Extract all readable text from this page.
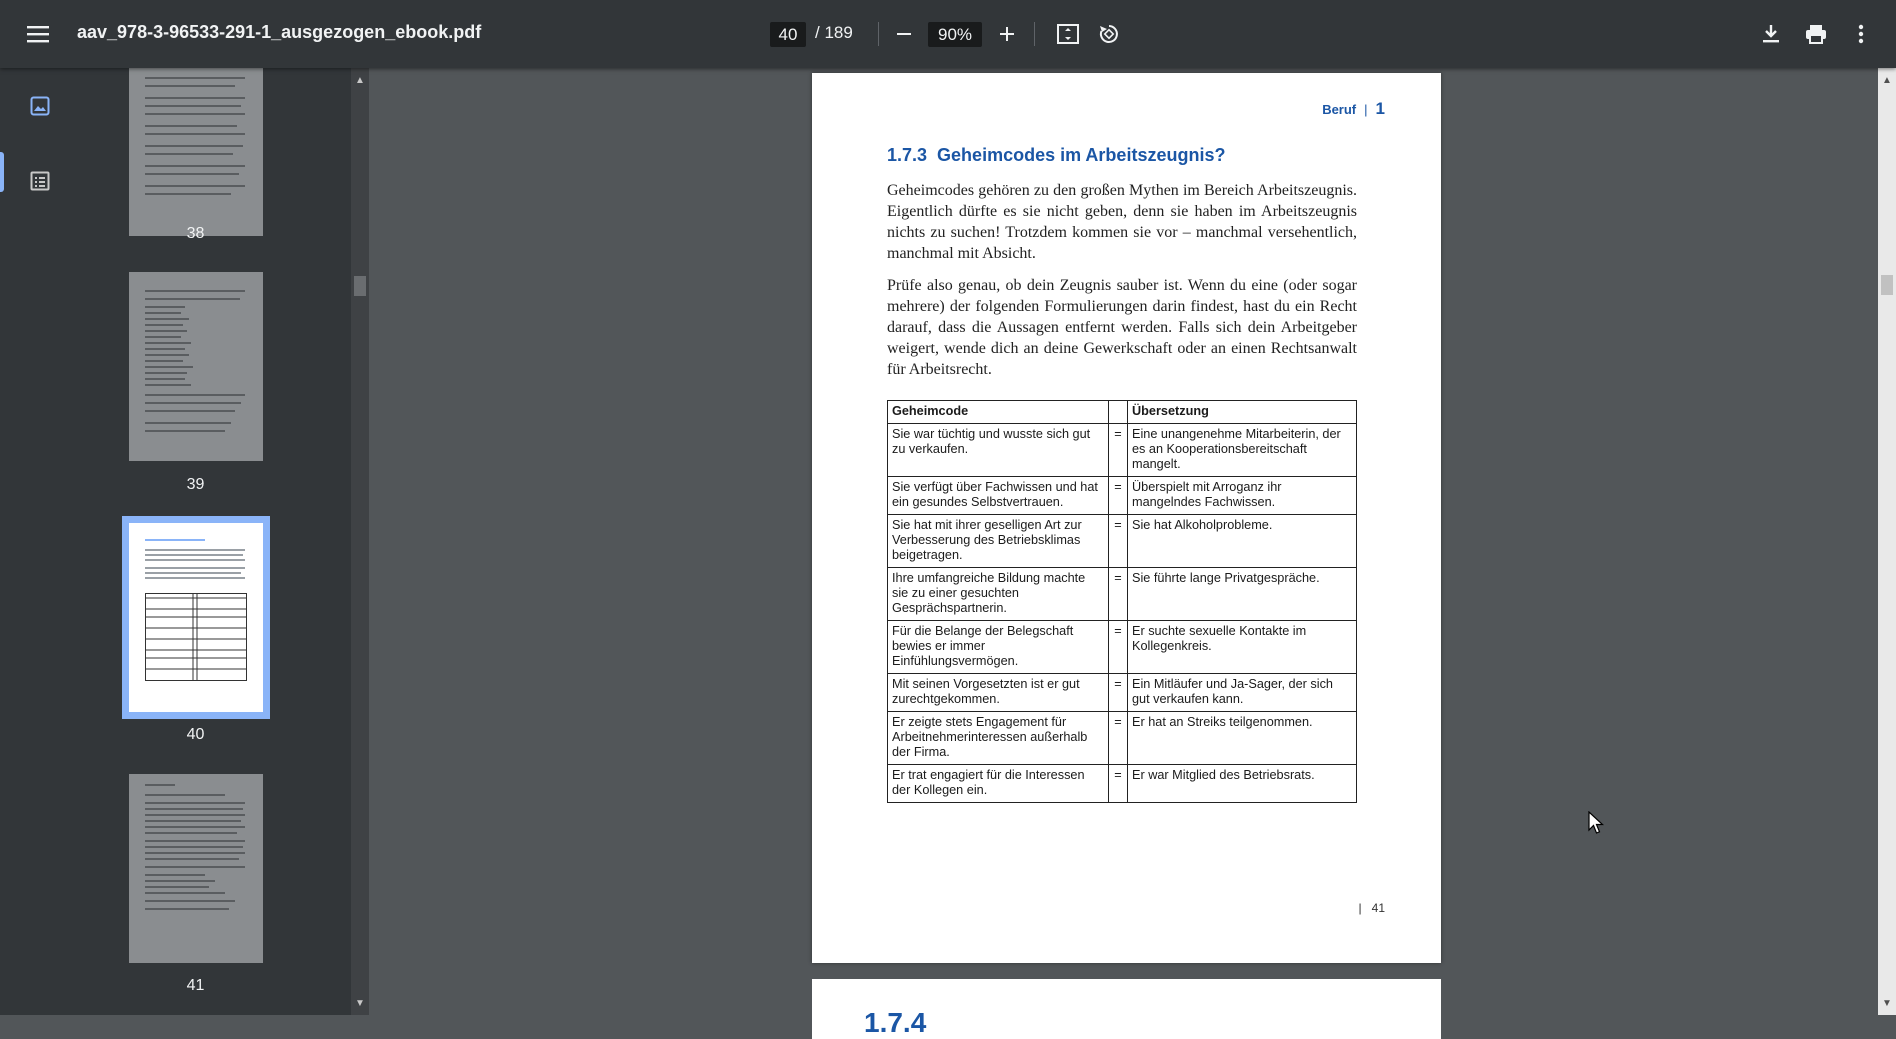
aav_978-3-96533-291-1_ausgezogen_ebook.pdf	40	/ 189	90%
38
39
40
41
▲
▼
Beruf | 1
1.7.3 Geheimcodes im Arbeitszeugnis?
Geheimcodes gehören zu den großen Mythen im Bereich Arbeitszeugnis. Eigentlich dürfte es sie nicht geben, denn sie haben im Arbeitszeugnis nichts zu suchen! Trotzdem kommen sie vor – manchmal versehentlich, manchmal mit Absicht.
Prüfe also genau, ob dein Zeugnis sauber ist. Wenn du eine (oder sogar mehrere) der folgenden Formulierungen darin findest, hast du ein Recht darauf, dass die Aussagen entfernt werden. Falls sich dein Arbeitgeber weigert, wende dich an deine Gewerkschaft oder an einen Rechtsanwalt für Arbeitsrecht.
Geheimcode		Übersetzung
Sie war tüchtig und wusste sich gut zu verkaufen.	=	Eine unangenehme Mitarbeiterin, der es an Kooperationsbereitschaft mangelt.
Sie verfügt über Fachwissen und hat ein gesundes Selbstvertrauen.	=	Überspielt mit Arroganz ihr mangelndes Fachwissen.
Sie hat mit ihrer geselligen Art zur Verbesserung des Betriebsklimas beigetragen.	=	Sie hat Alkoholprobleme.
Ihre umfangreiche Bildung machte sie zu einer gesuchten Gesprächspartnerin.	=	Sie führte lange Privatgespräche.
Für die Belange der Belegschaft bewies er immer Einfühlungsvermögen.	=	Er suchte sexuelle Kontakte im Kollegenkreis.
Mit seinen Vorgesetzten ist er gut zurechtgekommen.	=	Ein Mitläufer und Ja-Sager, der sich gut verkaufen kann.
Er zeigte stets Engagement für Arbeitnehmerinteressen außerhalb der Firma.	=	Er hat an Streiks teilgenommen.
Er trat engagiert für die Interessen der Kollegen ein.	=	Er war Mitglied des Betriebsrats.
| 41
1.7.4
▲
▼
